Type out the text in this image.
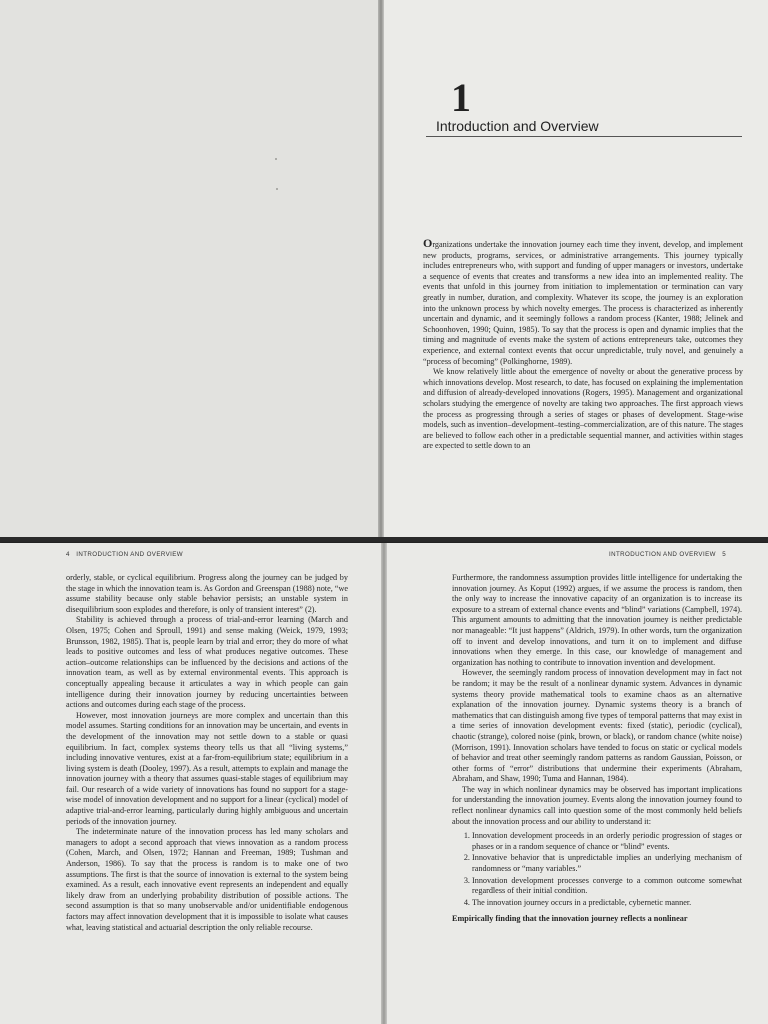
1
Introduction and Overview

Organizations undertake the innovation journey each time they invent, develop, and implement new products, programs, services, or administrative arrangements. This journey typically includes entrepreneurs who, with support and funding of upper managers or investors, undertake a sequence of events that creates and transforms a new idea into an implemented reality. The events that unfold in this journey from initiation to implementation or termination can vary greatly in number, duration, and complexity. Whatever its scope, the journey is an exploration into the unknown process by which novelty emerges. The process is characterized as inherently uncertain and dynamic, and it seemingly follows a random process (Kanter, 1988; Jelinek and Schoonhoven, 1990; Quinn, 1985). To say that the process is open and dynamic implies that the timing and magnitude of events make the system of actions entrepreneurs take, outcomes they experience, and external context events that occur unpredictable, truly novel, and genuinely a “process of becoming” (Polkinghorne, 1989).

We know relatively little about the emergence of novelty or about the generative process by which innovations develop. Most research, to date, has focused on explaining the implementation and diffusion of already-developed innovations (Rogers, 1995). Management and organizational scholars studying the emergence of novelty are taking two approaches. The first approach views the process as progressing through a series of stages or phases of development. Stage-wise models, such as invention–development–testing–commercialization, are of this nature. The stages are believed to follow each other in a predictable sequential manner, and activities within stages are expected to settle down to an

4 INTRODUCTION AND OVERVIEW

orderly, stable, or cyclical equilibrium. Progress along the journey can be judged by the stage in which the innovation team is. As Gordon and Greenspan (1988) note, “we assume stability because only stable behavior persists; an unstable system in disequilibrium soon explodes and therefore, is only of transient interest” (2).

Stability is achieved through a process of trial-and-error learning (March and Olsen, 1975; Cohen and Sproull, 1991) and sense making (Weick, 1979, 1993; Brunsson, 1982, 1985). That is, people learn by trial and error; they do more of what leads to positive outcomes and less of what produces negative outcomes. These action–outcome relationships can be influenced by the decisions and actions of the innovation team, as well as by external environmental events. This approach is conceptually appealing because it articulates a way in which people can gain intelligence during their innovation journey by reducing uncertainties between actions and outcomes during each stage of the process.

However, most innovation journeys are more complex and uncertain than this model assumes. Starting conditions for an innovation may be uncertain, and events in the development of the innovation may not settle down to a stable or quasi equilibrium. In fact, complex systems theory tells us that all “living systems,” including innovative ventures, exist at a far-from-equilibrium state; equilibrium in a living system is death (Dooley, 1997). As a result, attempts to explain and manage the innovation journey with a theory that assumes quasi-stable stages of equilibrium may fail. Our research of a wide variety of innovations has found no support for a stage-wise model of innovation development and no support for a linear (cyclical) model of adaptive trial-and-error learning, particularly during highly ambiguous and uncertain periods of the innovation journey.

The indeterminate nature of the innovation process has led many scholars and managers to adopt a second approach that views innovation as a random process (Cohen, March, and Olsen, 1972; Hannan and Freeman, 1989; Tushman and Anderson, 1986). To say that the process is random is to make one of two assumptions. The first is that the source of innovation is external to the system being examined. As a result, each innovative event represents an independent and equally likely draw from an underlying probability distribution of possible actions. The second assumption is that so many unobservable and/or unidentifiable endogenous factors may affect innovation development that it is impossible to isolate what causes what, leaving statistical and actuarial description the only reliable recourse.

INTRODUCTION AND OVERVIEW 5

Furthermore, the randomness assumption provides little intelligence for undertaking the innovation journey. As Koput (1992) argues, if we assume the process is random, then the only way to increase the innovative capacity of an organization is to increase its exposure to a stream of external chance events and “blind” variations (Campbell, 1974). This argument amounts to admitting that the innovation journey is neither predictable nor manageable: “It just happens” (Aldrich, 1979). In other words, turn the organization off to invent and develop innovations, and turn it on to implement and diffuse innovations when they emerge. In this case, our knowledge of management and organization has nothing to contribute to innovation invention and development.

However, the seemingly random process of innovation development may in fact not be random; it may be the result of a nonlinear dynamic system. Advances in dynamic systems theory provide mathematical tools to examine chaos as an alternative explanation of the innovation journey. Dynamic systems theory is a branch of mathematics that can distinguish among five types of temporal patterns that may exist in a time series of innovation development events: fixed (static), periodic (cyclical), chaotic (strange), colored noise (pink, brown, or black), or random chance (white noise) (Morrison, 1991). Innovation scholars have tended to focus on static or cyclical models of behavior and treat other seemingly random patterns as random Gaussian, Poisson, or other forms of “error” distributions that undermine their experiments (Abraham, Abraham, and Shaw, 1990; Tuma and Hannan, 1984).

The way in which nonlinear dynamics may be observed has important implications for understanding the innovation journey. Events along the innovation journey found to reflect nonlinear dynamics call into question some of the most commonly held beliefs about the innovation process and our ability to understand it:

1. Innovation development proceeds in an orderly periodic progression of stages or phases or in a random sequence of chance or “blind” events.
2. Innovative behavior that is unpredictable implies an underlying mechanism of randomness or “many variables.”
3. Innovation development processes converge to a common outcome somewhat regardless of their initial condition.
4. The innovation journey occurs in a predictable, cybernetic manner.

Empirically finding that the innovation journey reflects a nonlinear
